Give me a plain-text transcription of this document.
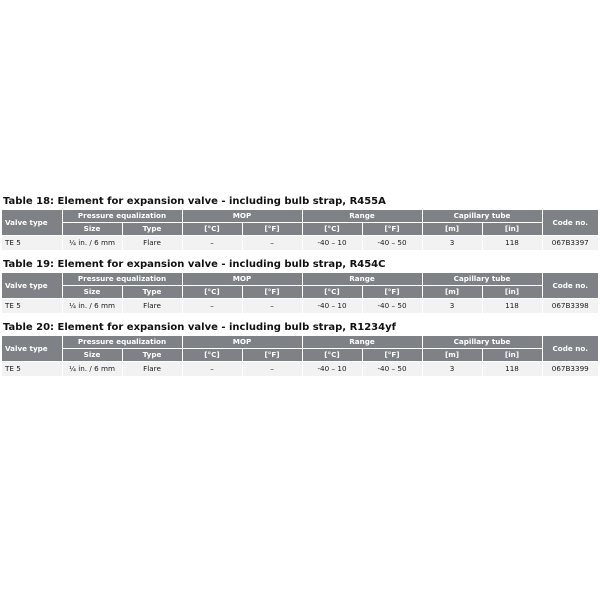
Table 18: Element for expansion valve - including bulb strap, R455A
Valve type	Pressure equalization		MOP		Range		Capillary tube		Code no.
	Size	Type	[°C]	[°F]	[°C]	[°F]	[m]	[in]	
TE 5	¼ in. / 6 mm	Flare	–	–	-40 – 10	-40 – 50	3	118	067B3397
Table 19: Element for expansion valve - including bulb strap, R454C
Valve type	Pressure equalization		MOP		Range		Capillary tube		Code no.
	Size	Type	[°C]	[°F]	[°C]	[°F]	[m]	[in]	
TE 5	¼ in. / 6 mm	Flare	–	–	-40 – 10	-40 – 50	3	118	067B3398
Table 20: Element for expansion valve - including bulb strap, R1234yf
Valve type	Pressure equalization		MOP		Range		Capillary tube		Code no.
	Size	Type	[°C]	[°F]	[°C]	[°F]	[m]	[in]	
TE 5	¼ in. / 6 mm	Flare	–	–	-40 – 10	-40 – 50	3	118	067B3399
